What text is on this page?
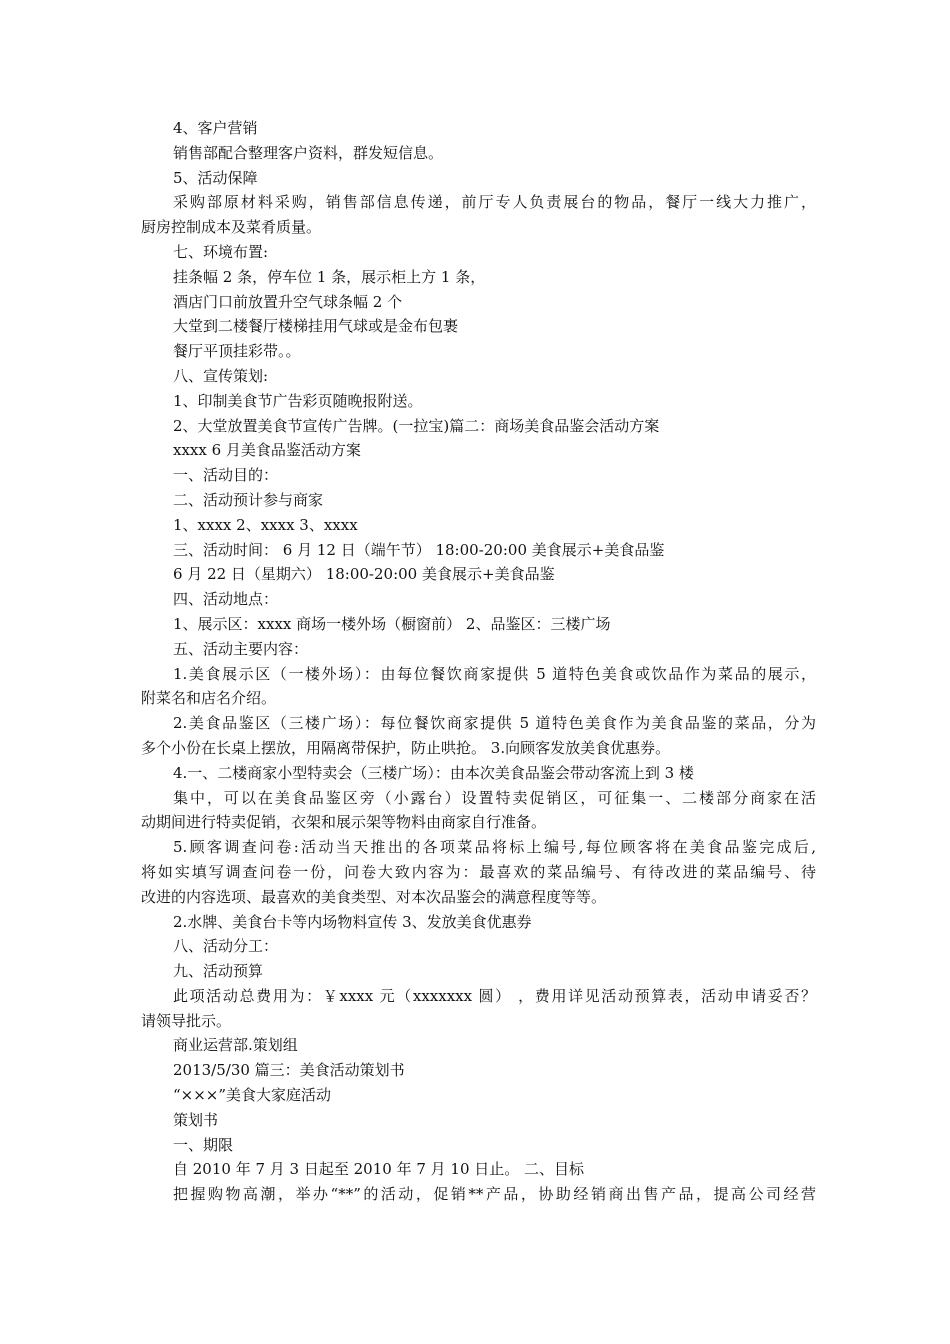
4、客户营销
销售部配合整理客户资料，群发短信息。
5、活动保障
采购部原材料采购，销售部信息传递，前厅专人负责展台的物品，餐厅一线大力推广，
厨房控制成本及菜肴质量。
七、环境布置:
挂条幅 2 条，停车位 1 条，展示柜上方 1 条，
酒店门口前放置升空气球条幅 2 个
大堂到二楼餐厅楼梯挂用气球或是金布包裹
餐厅平顶挂彩带。。
八、宣传策划:
1、印制美食节广告彩页随晚报附送。
2、大堂放置美食节宣传广告牌。(一拉宝)篇二：商场美食品鉴会活动方案
xxxx 6 月美食品鉴活动方案
一、活动目的：
二、活动预计参与商家
1、xxxx 2、xxxx 3、xxxx
三、活动时间： 6 月 12 日（端午节） 18:00-20:00 美食展示+美食品鉴
6 月 22 日（星期六） 18:00-20:00 美食展示+美食品鉴
四、活动地点：
1、展示区：xxxx 商场一楼外场（橱窗前） 2、品鉴区：三楼广场
五、活动主要内容：
1.美食展示区（一楼外场）：由每位餐饮商家提供 5 道特色美食或饮品作为菜品的展示，
附菜名和店名介绍。
2.美食品鉴区（三楼广场）：每位餐饮商家提供 5 道特色美食作为美食品鉴的菜品，分为
多个小份在长桌上摆放，用隔离带保护，防止哄抢。 3.向顾客发放美食优惠券。
4.一、二楼商家小型特卖会（三楼广场）：由本次美食品鉴会带动客流上到 3 楼
集中，可以在美食品鉴区旁（小露台）设置特卖促销区，可征集一、二楼部分商家在活
动期间进行特卖促销，衣架和展示架等物料由商家自行准备。
5.顾客调查问卷:活动当天推出的各项菜品将标上编号,每位顾客将在美食品鉴完成后,
将如实填写调查问卷一份，问卷大致内容为：最喜欢的菜品编号、有待改进的菜品编号、待
改进的内容选项、最喜欢的美食类型、对本次品鉴会的满意程度等等。
2.水牌、美食台卡等内场物料宣传 3、发放美食优惠券
八、活动分工：
九、活动预算
此项活动总费用为：￥xxxx 元（xxxxxxx 圆） ，费用详见活动预算表，活动申请妥否？
请领导批示。
商业运营部.策划组
2013/5/30 篇三：美食活动策划书
“×××”美食大家庭活动
策划书
一、期限
自 2010 年 7 月 3 日起至 2010 年 7 月 10 日止。 二、目标
把握购物高潮，举办“**”的活动，促销**产品，协助经销商出售产品，提高公司经营
